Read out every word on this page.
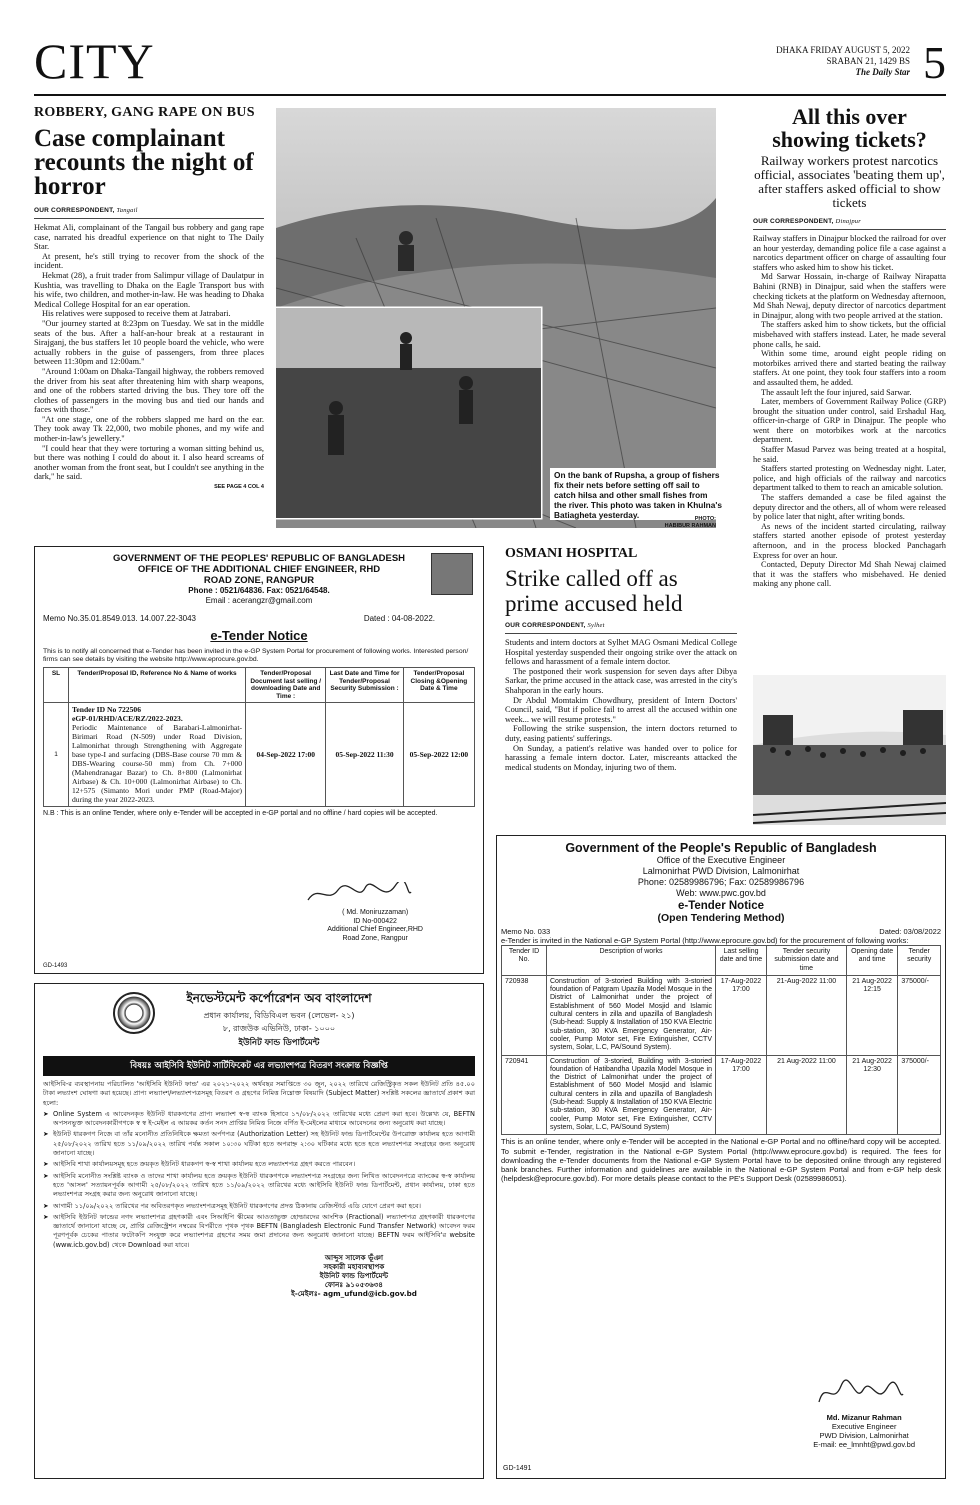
CITY	DHAKA FRIDAY AUGUST 5, 2022
SRABAN 21, 1429 BS
The Daily Star 5
ROBBERY, GANG RAPE ON BUS
Case complainant recounts the night of horror
OUR CORRESPONDENT, Tangail

Hekmat Ali, complainant of the Tangail bus robbery and gang rape case, narrated his dreadful experience on that night to The Daily Star.

At present, he's still trying to recover from the shock of the incident.

Hekmat (28), a fruit trader from Salimpur village of Daulatpur in Kushtia, was travelling to Dhaka on the Eagle Transport bus with his wife, two children, and mother-in-law. He was heading to Dhaka Medical College Hospital for an ear operation.

His relatives were supposed to receive them at Jatrabari.

"Our journey started at 8:23pm on Tuesday. We sat in the middle seats of the bus. After a half-an-hour break at a restaurant in Sirajganj, the bus staffers let 10 people board the vehicle, who were actually robbers in the guise of passengers, from three places between 11:30pm and 12:00am."

"Around 1:00am on Dhaka-Tangail highway, the robbers removed the driver from his seat after threatening him with sharp weapons, and one of the robbers started driving the bus. They tore off the clothes of passengers in the moving bus and tied our hands and faces with those."

"At one stage, one of the robbers slapped me hard on the ear. They took away Tk 22,000, two mobile phones, and my wife and mother-in-law's jewellery."

"I could hear that they were torturing a woman sitting behind us, but there was nothing I could do about it. I also heard screams of another woman from the front seat, but I couldn't see anything in the dark," he said.

SEE PAGE 4 COL 4
On the bank of Rupsha, a group of fishers fix their nets before setting off sail to catch hilsa and other small fishes from the river. This photo was taken in Khulna's Batiagheta yesterday.	PHOTO:
HABIBUR RAHMAN
All this over showing tickets?
Railway workers protest narcotics official, associates 'beating them up', after staffers asked official to show tickets
OUR CORRESPONDENT, Dinajpur

Railway staffers in Dinajpur blocked the railroad for over an hour yesterday, demanding police file a case against a narcotics department officer on charge of assaulting four staffers who asked him to show his ticket.

Md Sarwar Hossain, in-charge of Railway Nirapatta Bahini (RNB) in Dinajpur, said when the staffers were checking tickets at the platform on Wednesday afternoon, Md Shah Newaj, deputy director of narcotics department in Dinajpur, along with two people arrived at the station.

The staffers asked him to show tickets, but the official misbehaved with staffers instead. Later, he made several phone calls, he said.

Within some time, around eight people riding on motorbikes arrived there and started beating the railway staffers. At one point, they took four staffers into a room and assaulted them, he added.

The assault left the four injured, said Sarwar.

Later, members of Government Railway Police (GRP) brought the situation under control, said Ershadul Haq, officer-in-charge of GRP in Dinajpur. The people who went there on motorbikes work at the narcotics department.

Staffer Masud Parvez was being treated at a hospital, he said.

Staffers started protesting on Wednesday night. Later, police, and high officials of the railway and narcotics department talked to them to reach an amicable solution.

The staffers demanded a case be filed against the deputy director and the others, all of whom were released by police later that night, after writing bonds.

As news of the incident started circulating, railway staffers started another episode of protest yesterday afternoon, and in the process blocked Panchagarh Express for over an hour.

Contacted, Deputy Director Md Shah Newaj claimed that it was the staffers who misbehaved. He denied making any phone call.

OSMANI HOSPITAL
Strike called off as prime accused held
OUR CORRESPONDENT, Sylhet

Students and intern doctors at Sylhet MAG Osmani Medical College Hospital yesterday suspended their ongoing strike over the attack on fellows and harassment of a female intern doctor.

The postponed their work suspension for seven days after Dibya Sarkar, the prime accused in the attack case, was arrested in the city's Shahporan in the early hours.

Dr Abdul Momtakim Chowdhury, president of Intern Doctors' Council, said, "But if police fail to arrest all the accused within one week... we will resume protests."

Following the strike suspension, the intern doctors returned to duty, easing patients' sufferings.

On Sunday, a patient's relative was handed over to police for harassing a female intern doctor. Later, miscreants attacked the medical students on Monday, injuring two of them.

GOVERNMENT OF THE PEOPLES' REPUBLIC OF BANGLADESH
OFFICE OF THE ADDITIONAL CHIEF ENGINEER, RHD
ROAD ZONE, RANGPUR
Phone : 0521/64836. Fax: 0521/64548.
Email : acerangzr@gmail.com
Memo No.35.01.8549.013. 14.007.22-3043	Dated : 04-08-2022.
e-Tender Notice
This is to notify all concerned that e-Tender has been invited in the e-GP System Portal for procurement of following works. Interested person/ firms can see details by visiting the website http://www.eprocure.gov.bd.
SL	Tender/Proposal ID, Reference No & Name of works	Tender/Proposal Document last selling / downloading Date and Time :	Last Date and Time for Tender/Proposal Security Submission :	Tender/Proposal Closing &Opening Date & Time
1	Tender ID No 722506
eGP-01/RHD/ACE/RZ/2022-2023.
Periodic Maintenance of Barabari-Lalmonirhat-Birimari Road (N-509) under Road Division, Lalmonirhat through Strengthening with Aggregate base type-I and surfacing (DBS-Base course 70 mm & DBS-Wearing course-50 mm) from Ch. 7+000 (Mahendranagar Bazar) to Ch. 8+800 (Lalmonirhat Airbase) & Ch. 10+000 (Lalmonirhat Airbase) to Ch. 12+575 (Simanto Mori under PMP (Road-Major) during the year 2022-2023.	04-Sep-2022 17:00	05-Sep-2022 11:30	05-Sep-2022 12:00
N.B : This is an online Tender, where only e-Tender will be accepted in e-GP portal and no offline / hard copies will be accepted.
( Md. Moniruzzaman)
ID No-000422
Additional Chief Engineer,RHD
Road Zone, Rangpur
GD-1493
ইনভেস্টমেন্ট কর্পোরেশন অব বাংলাদেশ
প্রধান কার্যালয়, বিডিবিএল ভবন (লেভেল- ২১)
৮, রাজউক এভিনিউ, ঢাকা- ১০০০
ইউনিট ফান্ড ডিপার্টমেন্ট
বিষয়ঃ আইসিবি ইউনিট সার্টিফিকেট এর লভ্যাংশপত্র বিতরণ সংক্রান্ত বিজ্ঞপ্তি
আইসিবি-র ব্যবস্থাপনায় পরিচালিত 'আইসিবি ইউনিট ফান্ড' এর ২০২১-২০২২ অর্থবছর সমাপ্তিতে ৩০ জুন, ২০২২ তারিখে রেজিস্ট্রিকৃত সকল ইউনিট প্রতি ৪৫.০০ টাকা লভ্যাংশ ঘোষণা করা হয়েছে। প্রাপ্য লভ্যাংশ/লভ্যাংশপত্রসমূহ বিতরণ ও গ্রহণের নিমিত্ত নিম্নোক্ত বিষয়াদি (Subject Matter) সংশ্লিষ্ট সকলের জ্ঞাতার্থে প্রকাশ করা হলো:
➤ Online System এ আবেদনকৃত ইউনিট ধারকগণের প্রাপ্য লভ্যাংশ স্ব-স্ব ব্যাংক হিসাবে ১৭/০৮/২০২২ তারিখের মধ্যে প্রেরণ করা হবে। উল্লেখ্য যে, BEFTN অপসনভুক্ত আবেদনকারীগণকে স্ব স্ব ই-মেইল এ আয়কর কর্তন সনদ প্রাপ্তির নিমিত্ত নিজে বর্ণিত ই-মেইলের মাধ্যমে আবেদনের জন্য অনুরোধ করা যাচ্ছে।
➤ ইউনিট ধারকগণ নিজে বা তাঁর মনোনীত প্রতিনিধিকে ক্ষমতা অর্পণপত্র (Authorization Letter) সহ ইউনিট ফান্ড ডিপার্টমেন্টের উপরোক্ত কার্যালয় হতে আগামী ২৫/০৮/২০২২ তারিখ হতে ১১/০৯/২০২২ তারিখ পর্যন্ত সকাল ১০:৩০ ঘটিকা হতে অপরাহ্ন ২:৩০ ঘটিকার মধ্যে হতে হতে লভ্যাংশপত্র সংগ্রহের জন্য অনুরোধ জানানো যাচ্ছে।
➤ আইসিবি শাখা কার্যালয়সমূহ হতে ক্রয়কৃত ইউনিট ধারকগণ স্ব-স্ব শাখা কার্যালয় হতে লভ্যাংশপত্র গ্রহণ করতে পারবেন।
➤ আইসিবি মনোনীত সংশ্লিষ্ট ব্যাংক ও তাদের শাখা কার্যালয় হতে ক্রয়কৃত ইউনিট ধারকগণকে লভ্যাংশপত্র সংগ্রহের জন্য লিখিত আবেদনপত্রে ব্যাংকের স্ব-স্ব কার্যালয় হতে 'আসল' সত্যায়নপূর্বক আগামী ২৫/০৮/২০২২ তারিখ হতে ১১/০৯/২০২২ তারিখের মধ্যে আইসিবি ইউনিট ফান্ড ডিপার্টমেন্ট, প্রধান কার্যালয়, ঢাকা হতে লভ্যাংশপত্র সংগ্রহ করার জন্য অনুরোধ জানানো যাচ্ছে।
➤ আগামী ১১/০৯/২০২২ তারিখের পর অবিতরণকৃত লভ্যাংশপত্রসমূহ ইউনিট ধারকগণের প্রদত্ত ঠিকানায় রেজিস্টার্ড এডি যোগে প্রেরণ করা হবে।
➤ আইসিবি ইউনিট ফান্ডের নগদ লভ্যাংশপত্র গ্রহণকারী এবং সিআইপি স্কীমের আওতাভুক্ত হোল্ডারদের আংশিক (Fractional) লভ্যাংশপত্র গ্রহণকারী ধারকগণের জ্ঞাতার্থে জানানো যাচ্ছে যে, প্রাপ্তি রেজিস্ট্রেশন নম্বরের বিপরীতে পৃথক পৃথক BEFTN (Bangladesh Electronic Fund Transfer Network) আবেদন ফরম পূরণপূর্বক চেকের পাতার ফটোকপি সংযুক্ত করে লভ্যাংশপত্র গ্রহণের সময় জমা প্রদানের জন্য অনুরোধ জানানো যাচ্ছে। BEFTN ফরম আইসিবি'র website (www.icb.gov.bd) থেকে Download করা যাবে।
আব্দুস সালেক ভূঁঞা
সহকারী মহাব্যবস্থাপক
ইউনিট ফান্ড ডিপার্টমেন্ট
ফোনঃ ৯১০৫৩৬৩৪
ই-মেইলঃ- agm_ufund@icb.gov.bd
Government of the People's Republic of Bangladesh
Office of the Executive Engineer
Lalmonirhat PWD Division, Lalmonirhat
Phone: 02589986796; Fax: 02589986796
Web: www.pwc.gov.bd
e-Tender Notice
(Open Tendering Method)
Memo No. 033	Dated: 03/08/2022
e-Tender is invited in the National e-GP System Portal (http://www.eprocure.gov.bd) for the procurement of following works:
Tender ID No.	Description of works	Last selling date and time	Tender security submission date and time	Opening date and time	Tender security
720938	Construction of 3-storied Building with 3-storied foundation of Patgram Upazila Model Mosque in the District of Lalmonirhat under the project of Establishment of 560 Model Mosjid and Islamic cultural centers in zilla and upazilla of Bangladesh (Sub-head: Supply & Installation of 150 KVA Electric sub-station, 30 KVA Emergency Generator, Air-cooler, Pump Motor set, Fire Extinguisher, CCTV system, Solar, L.C, PA/Sound System).	17-Aug-2022 17:00	21-Aug-2022 11:00	21 Aug-2022 12:15	375000/-
720941	Construction of 3-storied, Building with 3-storied foundation of Hatibandha Upazila Model Mosque in the District of Lalmonirhat under the project of Establishment of 560 Model Mosjid and Islamic cultural centers in zilla and upazilla of Bangladesh (Sub-head: Supply & Installation of 150 KVA Electric sub-station, 30 KVA Emergency Generator, Air-cooler, Pump Motor set, Fire Extinguisher, CCTV system, Solar, L.C, PA/Sound System)	17-Aug-2022 17:00	21 Aug-2022 11:00	21 Aug-2022 12:30	375000/-
This is an online tender, where only e-Tender will be accepted in the National e-GP Portal and no offline/hard copy will be accepted. To submit e-Tender, registration in the National e-GP System Portal (http://www.eprocure.gov.bd) is required. The fees for downloading the e-Tender documents from the National e-GP System Portal have to be deposited online through any registered bank branches. Further information and guidelines are available in the National e-GP System Portal and from e-GP help desk (helpdesk@eprocure.gov.bd). For more details please contact to the PE's Support Desk (02589986051).
Md. Mizanur Rahman
Executive Engineer
PWD Division, Lalmonirhat
E-mail: ee_lmnht@pwd.gov.bd
GD-1491
